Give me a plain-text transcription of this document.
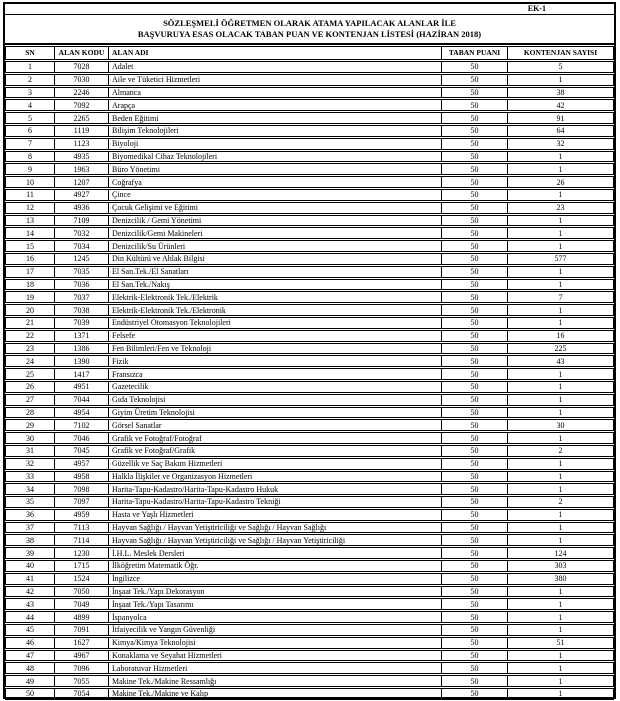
EK-1
SÖZLEŞMELİ ÖĞRETMEN OLARAK ATAMA YAPILACAK ALANLAR İLE
BAŞVURUYA ESAS OLACAK TABAN PUAN VE KONTENJAN LİSTESİ (HAZİRAN 2018)
SN	ALAN KODU	ALAN ADI	TABAN PUANI	KONTENJAN SAYISI
1	7028	Adalet	50	5
2	7030	Aile ve Tüketici Hizmetleri	50	1
3	2246	Almanca	50	38
4	7092	Arapça	50	42
5	2265	Beden Eğitimi	50	91
6	1119	Bilişim Teknolojileri	50	64
7	1123	Biyoloji	50	32
8	4935	Biyomedikal Cihaz Teknolojileri	50	1
9	1963	Büro Yönetimi	50	1
10	1207	Coğrafya	50	26
11	4927	Çince	50	1
12	4936	Çocuk Gelişimi ve Eğitimi	50	23
13	7109	Denizcilik / Gemi Yönetimi	50	1
14	7032	Denizcilik/Gemi Makineleri	50	1
15	7034	Denizcilik/Su Ürünleri	50	1
16	1245	Din Kültürü ve Ahlak Bilgisi	50	577
17	7035	El San.Tek./El Sanatları	50	1
18	7036	El San.Tek./Nakış	50	1
19	7037	Elektrik-Elektronik Tek./Elektrik	50	7
20	7038	Elektrik-Elektronik Tek./Elektronik	50	1
21	7039	Endüstriyel Otomasyon Teknolojileri	50	1
22	1371	Felsefe	50	16
23	1386	Fen Bilimleri/Fen ve Teknoloji	50	225
24	1390	Fizik	50	43
25	1417	Fransızca	50	1
26	4951	Gazetecilik	50	1
27	7044	Gıda Teknolojisi	50	1
28	4954	Giyim Üretim Teknolojisi	50	1
29	7102	Görsel Sanatlar	50	30
30	7046	Grafik ve Fotoğraf/Fotoğraf	50	1
31	7045	Grafik ve Fotoğraf/Grafik	50	2
32	4957	Güzellik ve Saç Bakım Hizmetleri	50	1
33	4958	Halkla İlişkiler ve Organizasyon Hizmetleri	50	1
34	7098	Harita-Tapu-Kadastro/Harita-Tapu-Kadastro Hukuk	50	1
35	7097	Harita-Tapu-Kadastro/Harita-Tapu-Kadastro Tekniği	50	2
36	4959	Hasta ve Yaşlı Hizmetleri	50	1
37	7113	Hayvan Sağlığı / Hayvan Yetiştiriciliği ve Sağlığı / Hayvan Sağlığı	50	1
38	7114	Hayvan Sağlığı / Hayvan Yetiştiriciliği ve Sağlığı / Hayvan Yetiştiriciliği	50	1
39	1230	İ.H.L. Meslek Dersleri	50	124
40	1715	İlköğretim Matematik Öğr.	50	303
41	1524	İngilizce	50	380
42	7050	İnşaat Tek./Yapı Dekorasyon	50	1
43	7049	İnşaat Tek./Yapı Tasarımı	50	1
44	4899	İspanyolca	50	1
45	7091	İtfaiyecilik ve Yangın Güvenliği	50	1
46	1627	Kimya/Kimya Teknolojisi	50	51
47	4967	Konaklama ve Seyahat Hizmetleri	50	1
48	7096	Laboratuvar Hizmetleri	50	1
49	7055	Makine Tek./Makine Ressamlığı	50	1
50	7054	Makine Tek./Makine ve Kalıp	50	1
